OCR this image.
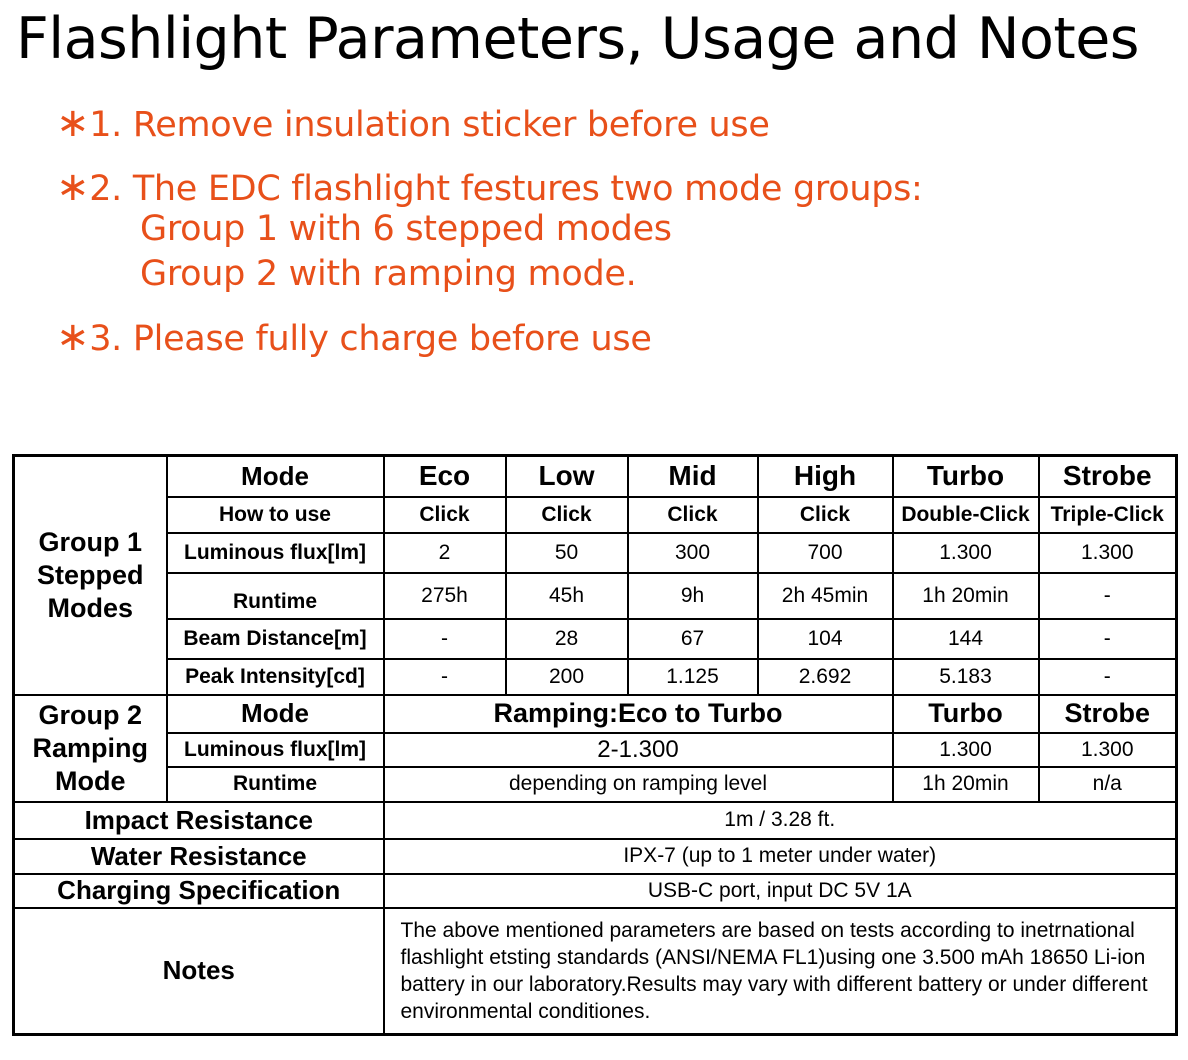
Flashlight Parameters, Usage and Notes
∗1. Remove insulation sticker before use
∗2. The EDC flashlight festures two mode groups:
Group 1 with 6 stepped modes
Group 2 with ramping mode.
∗3. Please fully charge before use
Group 1
Stepped
Modes	Mode	Eco	Low	Mid	High	Turbo	Strobe
	How to use	Click	Click	Click	Click	Double-Click	Triple-Click
	Luminous flux[lm]	2	50	300	700	1.300	1.300
	Runtime	275h	45h	9h	2h 45min	1h 20min	-
	Beam Distance[m]	-	28	67	104	144	-
	Peak Intensity[cd]	-	200	1.125	2.692	5.183	-

Group 2
Ramping
Mode	Mode	Ramping:Eco to Turbo				Turbo	Strobe
	Luminous flux[lm]	2-1.300				1.300	1.300
	Runtime	depending on ramping level				1h 20min	n/a
Impact Resistance		1m / 3.28 ft.					
Water Resistance		IPX-7 (up to 1 meter under water)					
Charging Specification		USB-C port, input DC 5V 1A					
Notes		The above mentioned parameters are based on tests according to inetrnational
flashlight etsting standards (ANSI/NEMA FL1)using one 3.500 mAh 18650 Li-ion
battery in our laboratory.Results may vary with different battery or under different
environmental conditiones.					
